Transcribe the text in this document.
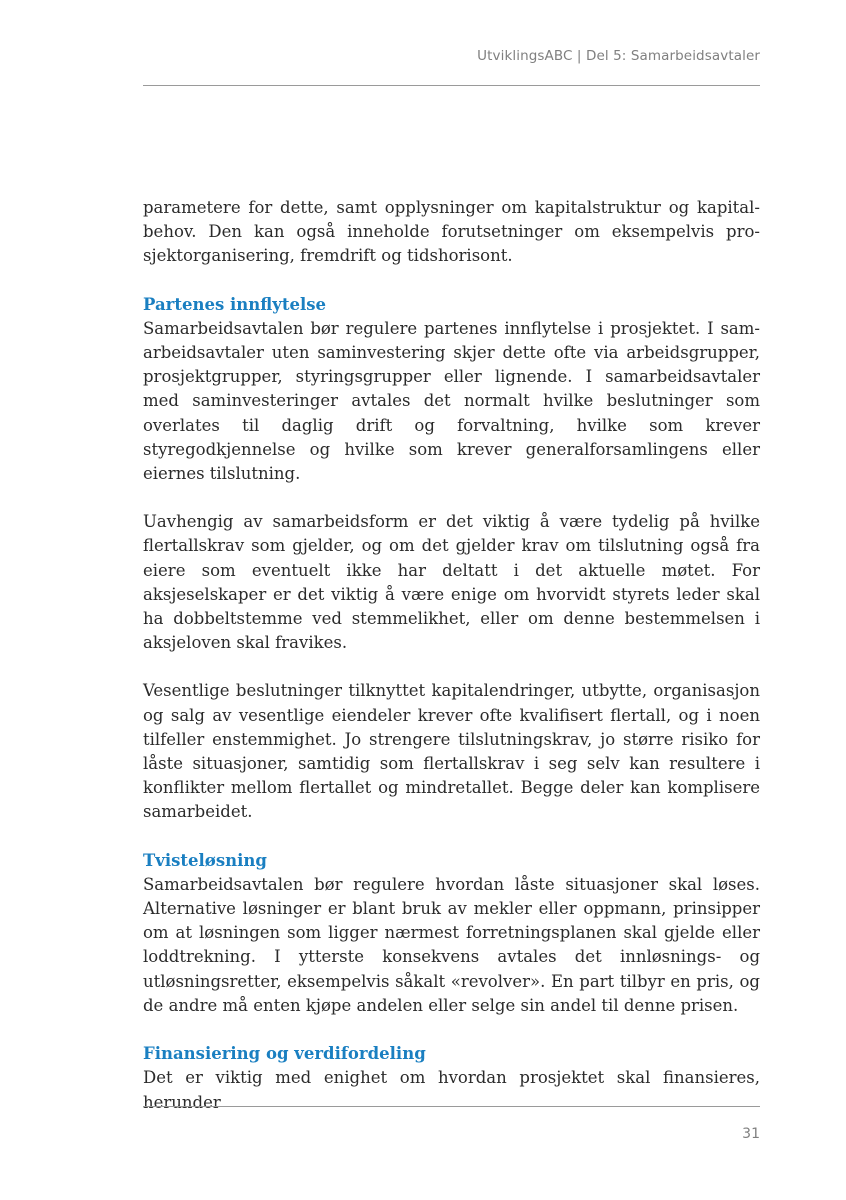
UtviklingsABC | Del 5: Samarbeidsavtaler

parametere for dette, samt opplysninger om kapitalstruktur og kapitalbehov. Den kan også inneholde forutsetninger om eksempelvis prosjektorganisering, fremdrift og tidshorisont.

Partenes innflytelse

Samarbeidsavtalen bør regulere partenes innflytelse i prosjektet. I samarbeidsavtaler uten saminvestering skjer dette ofte via arbeidsgrupper, prosjektgrupper, styringsgrupper eller lignende. I samarbeidsavtaler med saminvesteringer avtales det normalt hvilke beslutninger som overlates til daglig drift og forvaltning, hvilke som krever styregodkjennelse og hvilke som krever generalforsamlingens eller eiernes tilslutning.

Uavhengig av samarbeidsform er det viktig å være tydelig på hvilke flertallskrav som gjelder, og om det gjelder krav om tilslutning også fra eiere som eventuelt ikke har deltatt i det aktuelle møtet. For aksjeselskaper er det viktig å være enige om hvorvidt styrets leder skal ha dobbeltstemme ved stemmelikhet, eller om denne bestemmelsen i aksjeloven skal fravikes.

Vesentlige beslutninger tilknyttet kapitalendringer, utbytte, organisasjon og salg av vesentlige eiendeler krever ofte kvalifisert flertall, og i noen tilfeller enstemmighet. Jo strengere tilslutningskrav, jo større risiko for låste situasjoner, samtidig som flertallskrav i seg selv kan resultere i konflikter mellom flertallet og mindretallet. Begge deler kan komplisere samarbeidet.

Tvisteløsning

Samarbeidsavtalen bør regulere hvordan låste situasjoner skal løses. Alternative løsninger er blant bruk av mekler eller oppmann, prinsipper om at løsningen som ligger nærmest forretningsplanen skal gjelde eller loddtrekning. I ytterste konsekvens avtales det innløsnings- og utløsningsretter, eksempelvis såkalt «revolver». En part tilbyr en pris, og de andre må enten kjøpe andelen eller selge sin andel til denne prisen.

Finansiering og verdifordeling

Det er viktig med enighet om hvordan prosjektet skal finansieres, herunder

31
